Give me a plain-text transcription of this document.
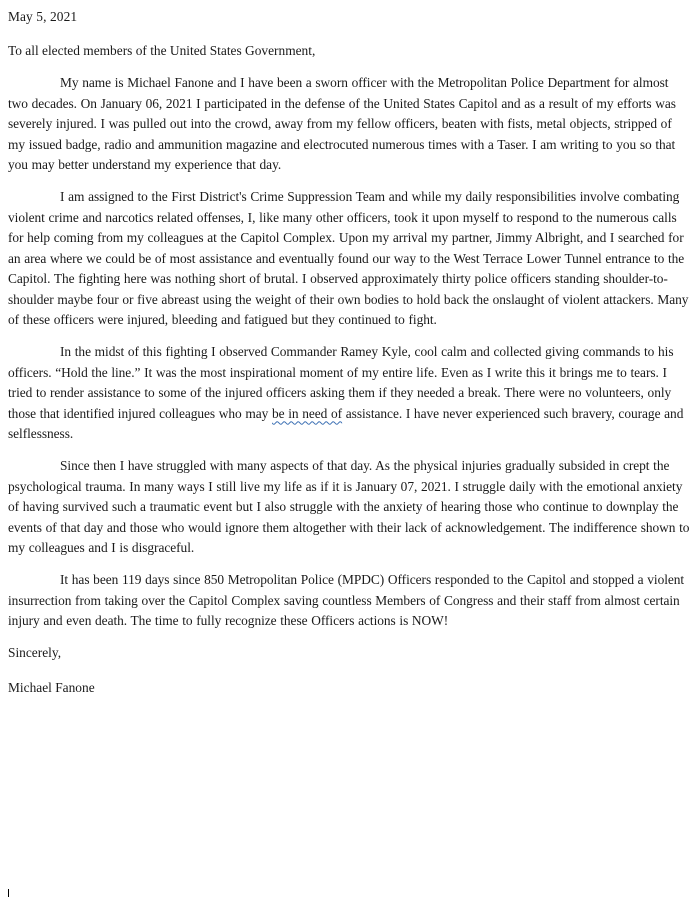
May 5, 2021

To all elected members of the United States Government,

My name is Michael Fanone and I have been a sworn officer with the Metropolitan Police Department for almost two decades. On January 06, 2021 I participated in the defense of the United States Capitol and as a result of my efforts was severely injured. I was pulled out into the crowd, away from my fellow officers, beaten with fists, metal objects, stripped of my issued badge, radio and ammunition magazine and electrocuted numerous times with a Taser. I am writing to you so that you may better understand my experience that day.

I am assigned to the First District's Crime Suppression Team and while my daily responsibilities involve combating violent crime and narcotics related offenses, I, like many other officers, took it upon myself to respond to the numerous calls for help coming from my colleagues at the Capitol Complex. Upon my arrival my partner, Jimmy Albright, and I searched for an area where we could be of most assistance and eventually found our way to the West Terrace Lower Tunnel entrance to the Capitol. The fighting here was nothing short of brutal. I observed approximately thirty police officers standing shoulder-to-shoulder maybe four or five abreast using the weight of their own bodies to hold back the onslaught of violent attackers. Many of these officers were injured, bleeding and fatigued but they continued to fight.

In the midst of this fighting I observed Commander Ramey Kyle, cool calm and collected giving commands to his officers. “Hold the line.” It was the most inspirational moment of my entire life. Even as I write this it brings me to tears. I tried to render assistance to some of the injured officers asking them if they needed a break. There were no volunteers, only those that identified injured colleagues who may be in need of assistance. I have never experienced such bravery, courage and selflessness.

Since then I have struggled with many aspects of that day. As the physical injuries gradually subsided in crept the psychological trauma. In many ways I still live my life as if it is January 07, 2021. I struggle daily with the emotional anxiety of having survived such a traumatic event but I also struggle with the anxiety of hearing those who continue to downplay the events of that day and those who would ignore them altogether with their lack of acknowledgement. The indifference shown to my colleagues and I is disgraceful.

It has been 119 days since 850 Metropolitan Police (MPDC) Officers responded to the Capitol and stopped a violent insurrection from taking over the Capitol Complex saving countless Members of Congress and their staff from almost certain injury and even death. The time to fully recognize these Officers actions is NOW!

Sincerely,

Michael Fanone
